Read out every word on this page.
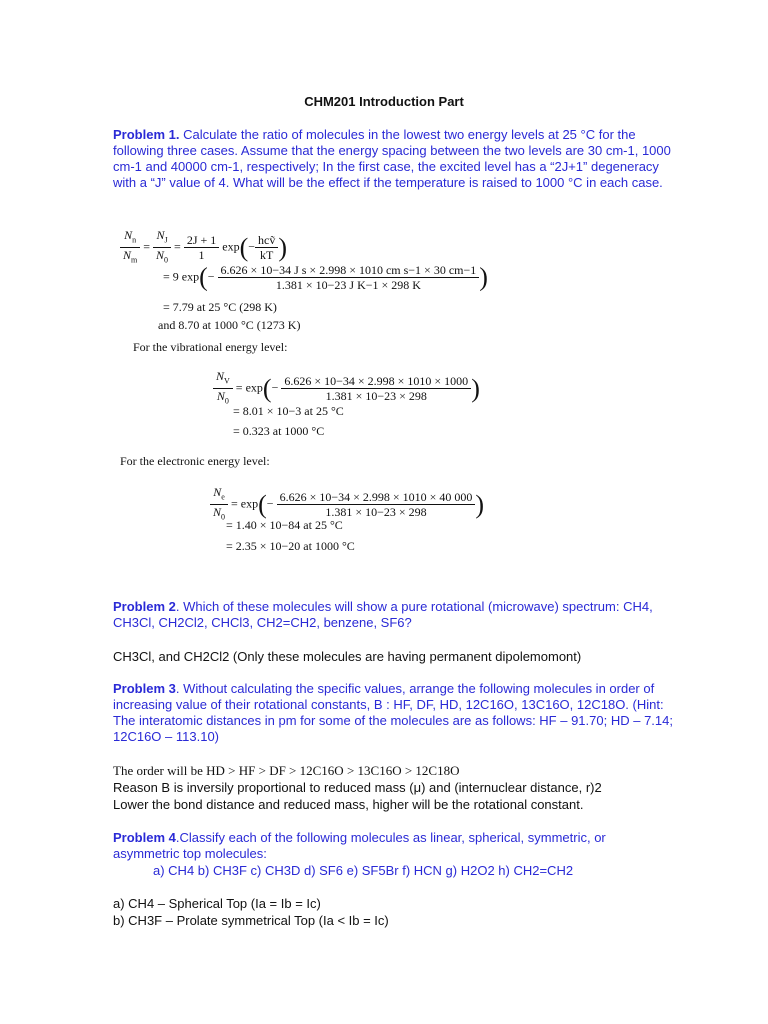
CHM201 Introduction Part
Problem 1. Calculate the ratio of molecules in the lowest two energy levels at 25 °C for the following three cases. Assume that the energy spacing between the two levels are 30 cm-1, 1000 cm-1 and 40000 cm-1, respectively; In the first case, the excited level has a “2J+1” degeneracy with a “J” value of 4. What will be the effect if the temperature is raised to 1000 °C in each case.
$\frac{N_n}{N_m} = \frac{N_J}{N_0} = \frac{2J + 1}{1} \exp(- \frac{\text{hcṽ}}{kT}$ )
= 9 $\exp(- \frac{\text{6.626 × 10−34 J s × 2.998 × 1010 cm s−1 × 30 cm−1}}{\text{1.381 × 10−23 J K−1 × 298 K}}$ )
= 7.79 at 25 °C (298 K)
and 8.70 at 1000 °C (1273 K)
For the vibrational energy level:
$\frac{N_V}{N_0} = \exp(- \frac{6.626 \times 10-34 \times 2.998 \times 1010 \times 1000}{1.381 \times 10-23 \times 298}$ )
= 8.01 × 10−3 at 25 °C
= 0.323 at 1000 °C
For the electronic energy level:
$\frac{N_e}{N_0} = \exp(- \frac{6.626 \times 10-34 \times 2.998 \times 1010 \times 40 000}{1.381 \times 10-23 \times 298}$ )
= 1.40 × 10−84 at 25 °C
= 2.35 × 10−20 at 1000 °C
Problem 2. Which of these molecules will show a pure rotational (microwave) spectrum: CH4, CH3Cl, CH2Cl2, CHCl3, CH2=CH2, benzene, SF6?
CH3Cl, and CH2Cl2 (Only these molecules are having permanent dipolemomont)
Problem 3. Without calculating the specific values, arrange the following molecules in order of increasing value of their rotational constants, B : HF, DF, HD, 12C16O, 13C16O, 12C18O. (Hint: The interatomic distances in pm for some of the molecules are as follows: HF – 91.70; HD – 7.14; 12C16O – 113.10)
The order will be HD > HF > DF > 12C16O > 13C16O > 12C18O
Reason B is inversily proportional to reduced mass (μ) and (internuclear distance, r)2
Lower the bond distance and reduced mass, higher will be the rotational constant.
Problem 4.Classify each of the following molecules as linear, spherical, symmetric, or asymmetric top molecules:
a) CH4 b) CH3F c) CH3D d) SF6 e) SF5Br f) HCN g) H2O2 h) CH2=CH2
a) CH4 – Spherical Top (Ia = Ib = Ic)
b) CH3F – Prolate symmetrical Top (Ia < Ib = Ic)
